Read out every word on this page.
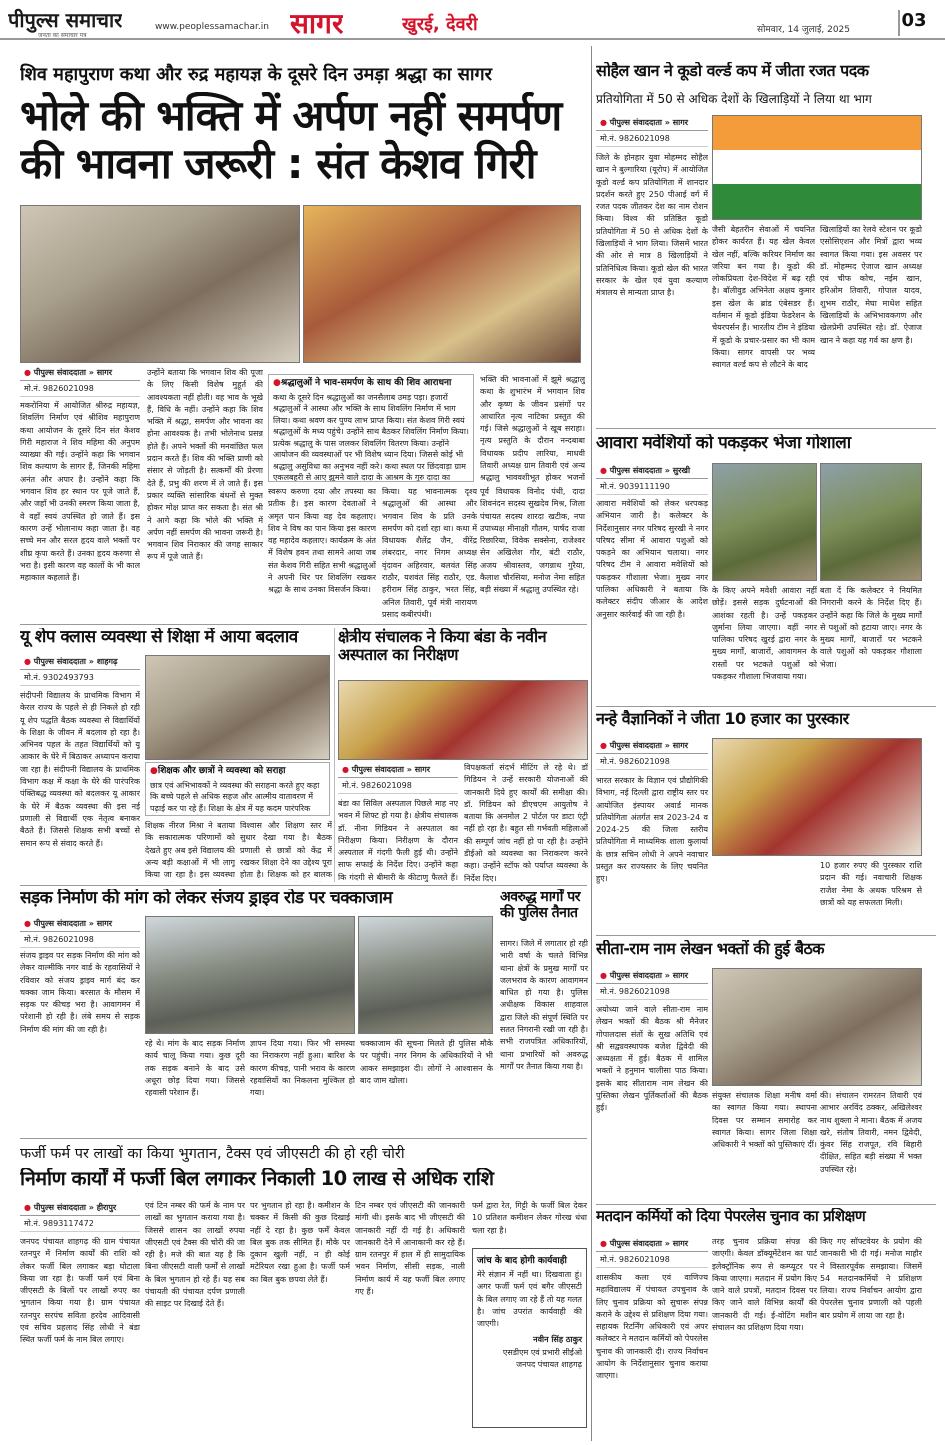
पीपुल्स समाचार
जनता का समाचार पत्र
www.peoplessamachar.in सागर	खुरई, देवरी	सोमवार, 14 जुलाई, 2025	03
शिव महापुराण कथा और रुद्र महायज्ञ के दूसरे दिन उमड़ा श्रद्धा का सागर
भोले की भक्ति में अर्पण नहीं समर्पण
की भावना जरूरी : संत केशव गिरी
● पीपुल्स संवाददाता » सागर
मो.नं. 9826021098
मकरोनिया में आयोजित श्रीरुद्र महायज्ञ, शिवलिंग निर्माण एवं श्रीशिव महापुराण कथा आयोजन के दूसरे दिन संत केशव गिरी महाराज ने शिव महिमा की अनुपम व्याख्या की गई। उन्होंने कहा कि भगवान शिव कल्याण के सागर हैं, जिनकी महिमा अनंत और अपार है। उन्होंने कहा कि भगवान शिव हर स्थान पर पूजे जाते हैं, और जहाँ भी उनकी स्मरण किया जाता है, वे वहाँ स्वयं उपस्थित हो जाते हैं। इस कारण उन्हें भोलानाथ कहा जाता है। वह सच्चे मन और सरल हृदय वाले भक्तों पर शीघ्र कृपा करते हैं। उनका हृदय करुणा से भरा है। इसी कारण वह कालों के भी काल महाकाल कहलाते हैं।
उन्होंने बताया कि भगवान शिव की पूजा के लिए किसी विशेष मुहूर्त की आवश्यकता नहीं होती। वह भाव के भूखे हैं, विधि के नहीं। उन्होंने कहा कि शिव भक्ति में श्रद्धा, समर्पण और भावना का होना आवश्यक है। तभी भोलेनाथ प्रसन्न होते हैं। अपने भक्तों की मनवांछित फल प्रदान करते हैं। शिव की भक्ति प्राणी को संसार से जोड़ती है। सत्कर्मों की प्रेरणा देते हैं, प्रभु की शरण में ले जाते हैं। इस प्रकार व्यक्ति सांसारिक बंधनों से मुक्त होकर मोक्ष प्राप्त कर सकता है। संत श्री ने आगे कहा कि भोले की भक्ति में अर्पण नहीं समर्पण की भावना जरूरी है। भगवान शिव निराकार की जगह साकार रूप में पूजे जाते हैं।
● श्रद्धालुओं ने भाव-समर्पण के साथ की शिव आराधना
कथा के दूसरे दिन श्रद्धालुओं का जनसैलाब उमड़ पड़ा। हजारों श्रद्धालुओं ने आस्था और भक्ति के साथ शिवलिंग निर्माण में भाग लिया। कथा श्रवण कर पुण्य लाभ प्राप्त किया। संत केशव गिरी स्वयं श्रद्धालुओं के मध्य पहुंचे। उन्होंने साथ बैठकर शिवलिंग निर्माण किया। प्रत्येक श्रद्धालु के पास जलकर शिवलिंग वितरण किया। उन्होंने आयोजन की व्यवस्थाओं पर भी विशेष ध्यान दिया। जिससे कोई भी श्रद्धालु असुविधा का अनुभव नहीं करे। कथा स्थल पर छिंदवाड़ा ग्राम एकलबहरी से आए झूमने वाले दादा के आश्रम के गुरु दादा का
स्वरूप करुणा दया और तपस्या का प्रतीक है। इस कारण देवताओं ने अमृत पान किया वह देव कहलाए। शिव ने विष का पान किया इस कारण वह महादेव कहलाए। कार्यक्रम के अंत में विशेष हवन तथा सामने आया जब संत केशव गिरी सहित सभी श्रद्धालुओं ने अपनी थिर पर शिवलिंग रखकर श्रद्धा के साथ उनका विसर्जन किया।
किया। यह भावनात्मक दृश्य श्रद्धालुओं की आस्था और भगवान शिव के प्रति उनके समर्पण को दर्शा रहा था। कथा में विधायक शैलेंद्र जैन, वीरेंद्र लंबरदार, नगर निगम अध्यक्ष वृंदावन अहिरवार, बलवंत सिंह राठौर, यशवंत सिंह राठौर, एड. हरीराम सिंह ठाकुर, भरत सिंह, अनिल तिवारी, पूर्व मंत्री नारायण प्रसाद कबीरपंथी।
भक्ति की भावनाओं में झूमे श्रद्धालु कथा के शुभारंभ में भगवान शिव और कृष्ण के जीवन प्रसंगों पर आधारित नृत्य नाटिका प्रस्तुत की गई। जिसे श्रद्धालुओं ने खूब सराहा। नृत्य प्रस्तुति के दौरान नन्दबाबा विधायक प्रदीप लारिया, माधवी तिवारी अध्यक्ष ग्राम तिवारी एवं अन्य श्रद्धालु भाववशीभूत होकर भजनों
पूर्व विधायक विनोद पंथी, दादा शिवनंदन सदस्य सुखदेव मिश्र, जिला पंचायत सदस्य शारदा खटीक, नपा उपाध्यक्ष मीनाक्षी गौतम, पार्षद राजा रिछारिया, विवेक सक्सेना, राजेश्वर सेन अखिलेश गौर, बंटी राठौर, अजय श्रीवास्तव, जगन्नाथ गुरैया, कैलाश चौरसिया, मनोज नेमा सहित बड़ी संख्या में श्रद्धालु उपस्थित रहे।
यू शेप क्लास व्यवस्था से शिक्षा में आया बदलाव
● पीपुल्स संवाददाता » शाहगढ़
मो.नं. 9302493793
संदीपनी विद्यालय के प्राथमिक विभाग में केरल राज्य के पहले से ही निकले हो रही यू शेप पद्धति बैठक व्यवस्था से विद्यार्थियों के शिक्षा के जीवन में बदलाव हो रहा है। अभिनव पहल के तहत विद्यार्थियों को यू आकार के घेरे में बिठाकर अध्यापन कराया जा रहा है। संदीपनी विद्यालय के प्राथमिक विभाग कक्ष में कक्षा के घेरे की पारंपरिक पंक्तिबद्ध व्यवस्था को बदलकर यू आकार के घेरे में बैठक व्यवस्था की इस नई प्रणाली से विद्यार्थी एक नेतृत्व बनाकर बैठते हैं। जिससे शिक्षक सभी बच्चों से समान रूप से संवाद करते हैं।
● शिक्षक और छात्रों ने व्यवस्था को सराहा
छात्र एवं अभिभावकों ने व्यवस्था की सराहना करते हुए कहा कि बच्चे पहले से अधिक सहज और आत्मीय वातावरण में पढ़ाई कर पा रहे हैं। शिक्षा के क्षेत्र में यह कदम पारंपरिक
शिक्षक नीरज मिश्रा ने बताया कि सकारात्मक परिणामों को देखते हुए अब इसे विद्यालय की अन्य बड़ी कक्षाओं में भी लागू किया जा रहा है। इस व्यवस्था
विश्वास और शिक्षण स्तर में सुधार देखा गया है। बैठक प्रणाली से छात्रों को केंद्र में रखकर शिक्षा देने का उद्देश्य पूरा होता है। शिक्षक को हर बालक
क्षेत्रीय संचालक ने किया बंडा के नवीन अस्पताल का निरीक्षण
● पीपुल्स संवाददाता » सागर
मो.नं. 9826021098
बंडा का सिविल अस्पताल पिछले माह नए भवन में शिफ्ट हो गया है। क्षेत्रीय संचालक डॉ. नीना गिडियन ने अस्पताल का निरीक्षण किया। निरीक्षण के दौरान अस्पताल में गंदगी फैली हुई थी। उन्होंने साफ सफाई के निर्देश दिए। उन्होंने कहा कि गंदगी से बीमारी के कीटाणु फैलते हैं।
विपक्षकर्ता संदर्भ मीटिंग ले रहे थे। डॉ गिडियन ने उन्हें सरकारी योजनाओं की जानकारी दिये हुए कार्यों की समीक्षा की। डॉ. गिडियन को डीएचएम आयुतोष ने बताया कि अनमोल 2 पोर्टल पर डाटा एंट्री नहीं हो रहा है। बहुत सी गर्भवती महिलाओं की सम्पूर्ण जांच नहीं हो पा रही है। उन्होंने डीईओ को व्यवस्था का निराकरण करने कहा। उन्होंने स्टॉफ को पर्याप्त व्यवस्था के निर्देश दिए।
सड़क निर्माण की मांग को लेकर संजय ड्राइव रोड पर चक्काजाम
● पीपुल्स संवाददाता » सागर
मो.नं. 9826021098
संजय ड्राइव पर सड़क निर्माण की मांग को लेकर वाल्मीकि नगर वार्ड के रहवासियों ने रविवार को संजय ड्राइव मार्ग बंद कर चक्का जाम किया। बरसात के मौसम में सड़क पर कीचड़ भरा है। आवागमन में परेशानी हो रही है। लंबे समय से सड़क निर्माण की मांग की जा रही है।
रहे थे। मांग के बाद सड़क निर्माण कार्य चालू किया गया। कुछ दूरी तक सड़क बनाने के बाद उसे अधूरा छोड़ दिया गया। जिससे रहवासी परेशान हैं।
ज्ञापन दिया गया। फिर भी समस्या का निराकरण नहीं हुआ। बारिश के कारण कीचड़, पानी भराव के कारण रहवासियों का निकलना मुश्किल हो गया।
चक्काजाम की सूचना मिलते ही पुलिस मौके पर पहुंची। नगर निगम के अधिकारियों ने भी आकर समझाइश दी। लोगों ने आश्वासन के बाद जाम खोला।
अवरुद्ध मार्गों पर की पुलिस तैनात
सागर। जिले में लगातार हो रही भारी वर्षा के चलते विभिन्न थाना क्षेत्रों के प्रमुख मार्गों पर जलभराव के कारण आवागमन बाधित हो गया है। पुलिस अधीक्षक विकास शाहवाल द्वारा जिले की संपूर्ण स्थिति पर सतत निगरानी रखी जा रही है। सभी राजपत्रित अधिकारियों, थाना प्रभारियों को अवरुद्ध मार्गों पर तैनात किया गया है।
फर्जी फर्म पर लाखों का किया भुगतान, टैक्स एवं जीएसटी की हो रही चोरी
निर्माण कार्यों में फर्जी बिल लगाकर निकाली 10 लाख से अधिक राशि
● पीपुल्स संवाददाता » हीरापुर
मो.नं. 9893117472
जनपद पंचायत शाहगढ़ की ग्राम पंचायत रतनपुर में निर्माण कार्यों की राशि को लेकर फर्जी बिल लगाकर बड़ा घोटाला किया जा रहा है। फर्जी फर्म एवं बिना जीएसटी के बिलों पर लाखों रुपए का भुगतान किया गया है। ग्राम पंचायत रतनपुर सरपंच सविता हरदेव आदिवासी एवं सचिव प्रहलाद सिंह लोधी ने बंडा स्थित फर्जी फर्म के नाम बिल लगाए।
एवं टिन नम्बर की फर्म के नाम पर लाखों का भुगतान कराया गया है। जिससे शासन का लाखों रुपया जीएसटी एवं टैक्स की चोरी की जा रही है। मजे की बात यह है कि बिना जीएसटी वाली फर्मों से लाखों के बिल भुगतान हो रहे हैं। यह सब पंचायती की पंचायत दर्पण प्रणाली की साइट पर दिखाई देते हैं।
पर भुगतान हो रहा है। कमीशन के चक्कर में किसी की कुछ दिखाई नहीं दे रहा है। कुछ फर्में केवल बिल बुक तक सीमित हैं। मौके पर दुकान खुली नहीं, न ही कोई मटेरियल रखा हुआ है। फर्जी फर्म का बिल बुक छपवा लेते हैं।
टिन नम्बर एवं जीएसटी की जानकारी मांगी थी। इसके बाद भी जीएसटी की जानकारी नहीं दी गई है। अधिकारी जानकारी देने में आनाकानी कर रहे हैं। ग्राम रतनपुर में हाल में ही सामुदायिक भवन निर्माण, सीसी सड़क, नाली निर्माण कार्य में यह फर्जी बिल लगाए गए हैं।
फर्म द्वारा रेत, गिट्टी के फर्जी बिल देकर 10 प्रतिशत कमीशन लेकर गोरख धंधा चला रहा है।
जांच के बाद होगी कार्यवाही
मेरे संज्ञान में नहीं था। दिखवाता हूं। अगर फर्जी फर्म एवं बगैर जीएसटी के बिल लगाए जा रहे हैं तो यह गलत है। जांच उपरांत कार्यवाही की जाएगी।
नवीन सिंह ठाकुर
एसडीएम एवं प्रभारी सीईओ
जनपद पंचायत शाहगढ़
सोहैल खान ने कूडो वर्ल्ड कप में जीता रजत पदक
प्रतियोगिता में 50 से अधिक देशों के खिलाड़ियों ने लिया था भाग
● पीपुल्स संवाददाता » सागर
मो.नं. 9826021098
जिले के होनहार युवा मोहम्मद सोहैल खान ने बुल्गारिया (यूरोप) में आयोजित कूडो वर्ल्ड कप प्रतियोगिता में शानदार प्रदर्शन करते हुए 250 पीआई वर्ग में रजत पदक जीतकर देश का नाम रोशन किया। विश्व की प्रतिष्ठित कूडो प्रतियोगिता में 50 से अधिक देशों के खिलाड़ियों ने भाग लिया। जिसमें भारत की ओर से मात्र 8 खिलाड़ियों ने प्रतिनिधित्व किया। कूडो खेल की भारत सरकार के खेल एवं युवा कल्याण मंत्रालय से मान्यता प्राप्त है।
जैसी बेहतरीन सेवाओं में चयनित होकर कार्यरत हैं। यह खेल केवल खेल नहीं, बल्कि करियर निर्माण का जरिया बन गया है। कूडो की लोकप्रियता देश-विदेश में बढ़ रही है। बॉलीवुड अभिनेता अक्षय कुमार इस खेल के ब्रांड एंबेसडर हैं। वर्तमान में कूडो इंडिया फेडरेशन के चेयरपर्सन हैं। भारतीय टीम ने इंडिया में कूडो के प्रचार-प्रसार का भी काम किया। सागर वापसी पर भव्य स्वागत वर्ल्ड कप से लौटने के बाद
खिलाड़ियों का रेलवे स्टेशन पर कूडो एसोसिएशन और मित्रों द्वारा भव्य स्वागत किया गया। इस अवसर पर डॉ. मोहम्मद ऐजाज खान अध्यक्ष एवं चीफ कोच, नईम खान, हरिओम तिवारी, गोपाल यादव, शुभम राठौर, मेघा माथेश सहित खिलाड़ियों के अभिभावकगण और खेलप्रेमी उपस्थित रहे। डॉ. ऐजाज खान ने कहा यह गर्व का क्षण है।
आवारा मवेशियों को पकड़कर भेजा गोशाला
● पीपुल्स संवाददाता » सुरखी
मो.नं. 9039111190
आवारा मवेशियों को लेकर धरपकड़ अभियान जारी है। कलेक्टर के निर्देशानुसार नगर परिषद सुरखी ने नगर परिषद सीमा में आवारा पशुओं को पकड़ने का अभियान चलाया। नगर परिषद टीम ने आवारा मवेशियों को पकड़कर गौशाला भेजा। मुख्य नगर पालिका अधिकारी ने बताया कि कलेक्टर संदीप जीआर के आदेश अनुसार कार्रवाई की जा रही है।
के किए अपने मवेशी आवारा नहीं छोड़ें। इससे सड़क दुर्घटनाओं की आशंका रहती है। उन्हें पकड़कर जुर्माना लिया जाएगा। वहीं नगर पालिका परिषद खुरई द्वारा नगर के मुख्य मार्गों, बाजारों, आवागमन के रास्तों पर भटकते पशुओं को पकड़कर गौशाला भिजवाया गया।
बता दें कि कलेक्टर ने नियमित निगरानी करने के निर्देश दिए हैं। उन्होंने कहा कि जिले के मुख्य मार्गों से पशुओं को हटाया जाए। नगर के मुख्य मार्गों, बाजारों पर भटकने वाले पशुओं को पकड़कर गौशाला भेजा।
नन्हे वैज्ञानिकों ने जीता 10 हजार का पुरस्कार
● पीपुल्स संवाददाता » सागर
मो.नं. 9826021098
भारत सरकार के विज्ञान एवं प्रौद्योगिकी विभाग, नई दिल्ली द्वारा राष्ट्रीय स्तर पर आयोजित इंस्पायर अवार्ड मानक प्रतियोगिता अंतर्गत सत्र 2023-24 व 2024-25 की जिला स्तरीय प्रतियोगिता में माध्यमिक शाला कुलार्या के छात्र सचिन लोधी ने अपने नवाचार प्रस्तुत कर राज्यस्तर के लिए चयनित हुए।
10 हजार रुपए की पुरस्कार राशि प्रदान की गई। नवाचारी शिक्षक राजेश नेमा के अथक परिश्रम से छात्रों को यह सफलता मिली।
सीता-राम नाम लेखन भक्तों की हुई बैठक
● पीपुल्स संवाददाता » सागर
मो.नं. 9826021098
अयोध्या जाने वाले सीता-राम नाम लेखन भक्तों की बैठक श्री मैनेजर गोपालदास संतों के सुख अतिथि एवं श्री सद्व्यवस्थापक बजेश द्विवेदी की अध्यक्षता में हुई। बैठक में शामिल भक्तों ने हनुमान चालीसा पाठ किया। इसके बाद सीताराम नाम लेखन की पुस्तिका लेखन पूर्तिकर्ताओं की बैठक हुई।
संयुक्त संचालक शिक्षा मनीष वर्मा का स्वागत किया गया। स्थापना दिवस पर सम्मान समारोह कर स्वागत किया। सागर जिला शिक्षा अधिकारी ने भक्तों को पुस्तिकाएं दीं।
की। संचालन रामरतन तिवारी एवं आभार अरविंद ठक्कर, अखिलेश्वर नाथ शुक्ला ने माना। बैठक में अजय खरे, संतोष तिवारी, नमन द्विवेदी, कुंवर सिंह राजपूत, रवि बिहारी दीक्षित, सहित बड़ी संख्या में भक्त उपस्थित रहे।
मतदान कर्मियों को दिया पेपरलेस चुनाव का प्रशिक्षण
● पीपुल्स संवाददाता » सागर
मो.नं. 9826021098
शासकीय कला एवं वाणिज्य महाविद्यालय में पंचायत उपचुनाव के लिए चुनाव प्रक्रिया को सुचारू संपन्न कराने के उद्देश्य से प्रशिक्षण दिया गया। सहायक रिटर्निंग अधिकारी एवं अपर कलेक्टर ने मतदान कर्मियों को पेपरलेस चुनाव की जानकारी दी। राज्य निर्वाचन आयोग के निर्देशानुसार चुनाव कराया जाएगा।
तरह चुनाव प्रक्रिया संपन्न की जाएगी। केवल डॉक्यूमेंटेशन का पार्ट इलेक्ट्रॉनिक रूप से कम्प्यूटर पर किया जाएगा। मतदान में प्रयोग किए जाने वाले प्रपत्रों, मतदान दिवस पर किए जाने वाले विभिन्न कार्यों की जानकारी दी गई। ई-वोटिंग मशीन संचालन का प्रशिक्षण दिया गया।
किए गए सॉफ्टवेयर के प्रयोग की जानकारी भी दी गई। मनोज माहौर ने विस्तारपूर्वक समझाया। जिसमें 54 मतदानकर्मियों ने प्रशिक्षण लिया। राज्य निर्वाचन आयोग द्वारा पेपरलेस चुनाव प्रणाली को पहली बार प्रयोग में लाया जा रहा है।
